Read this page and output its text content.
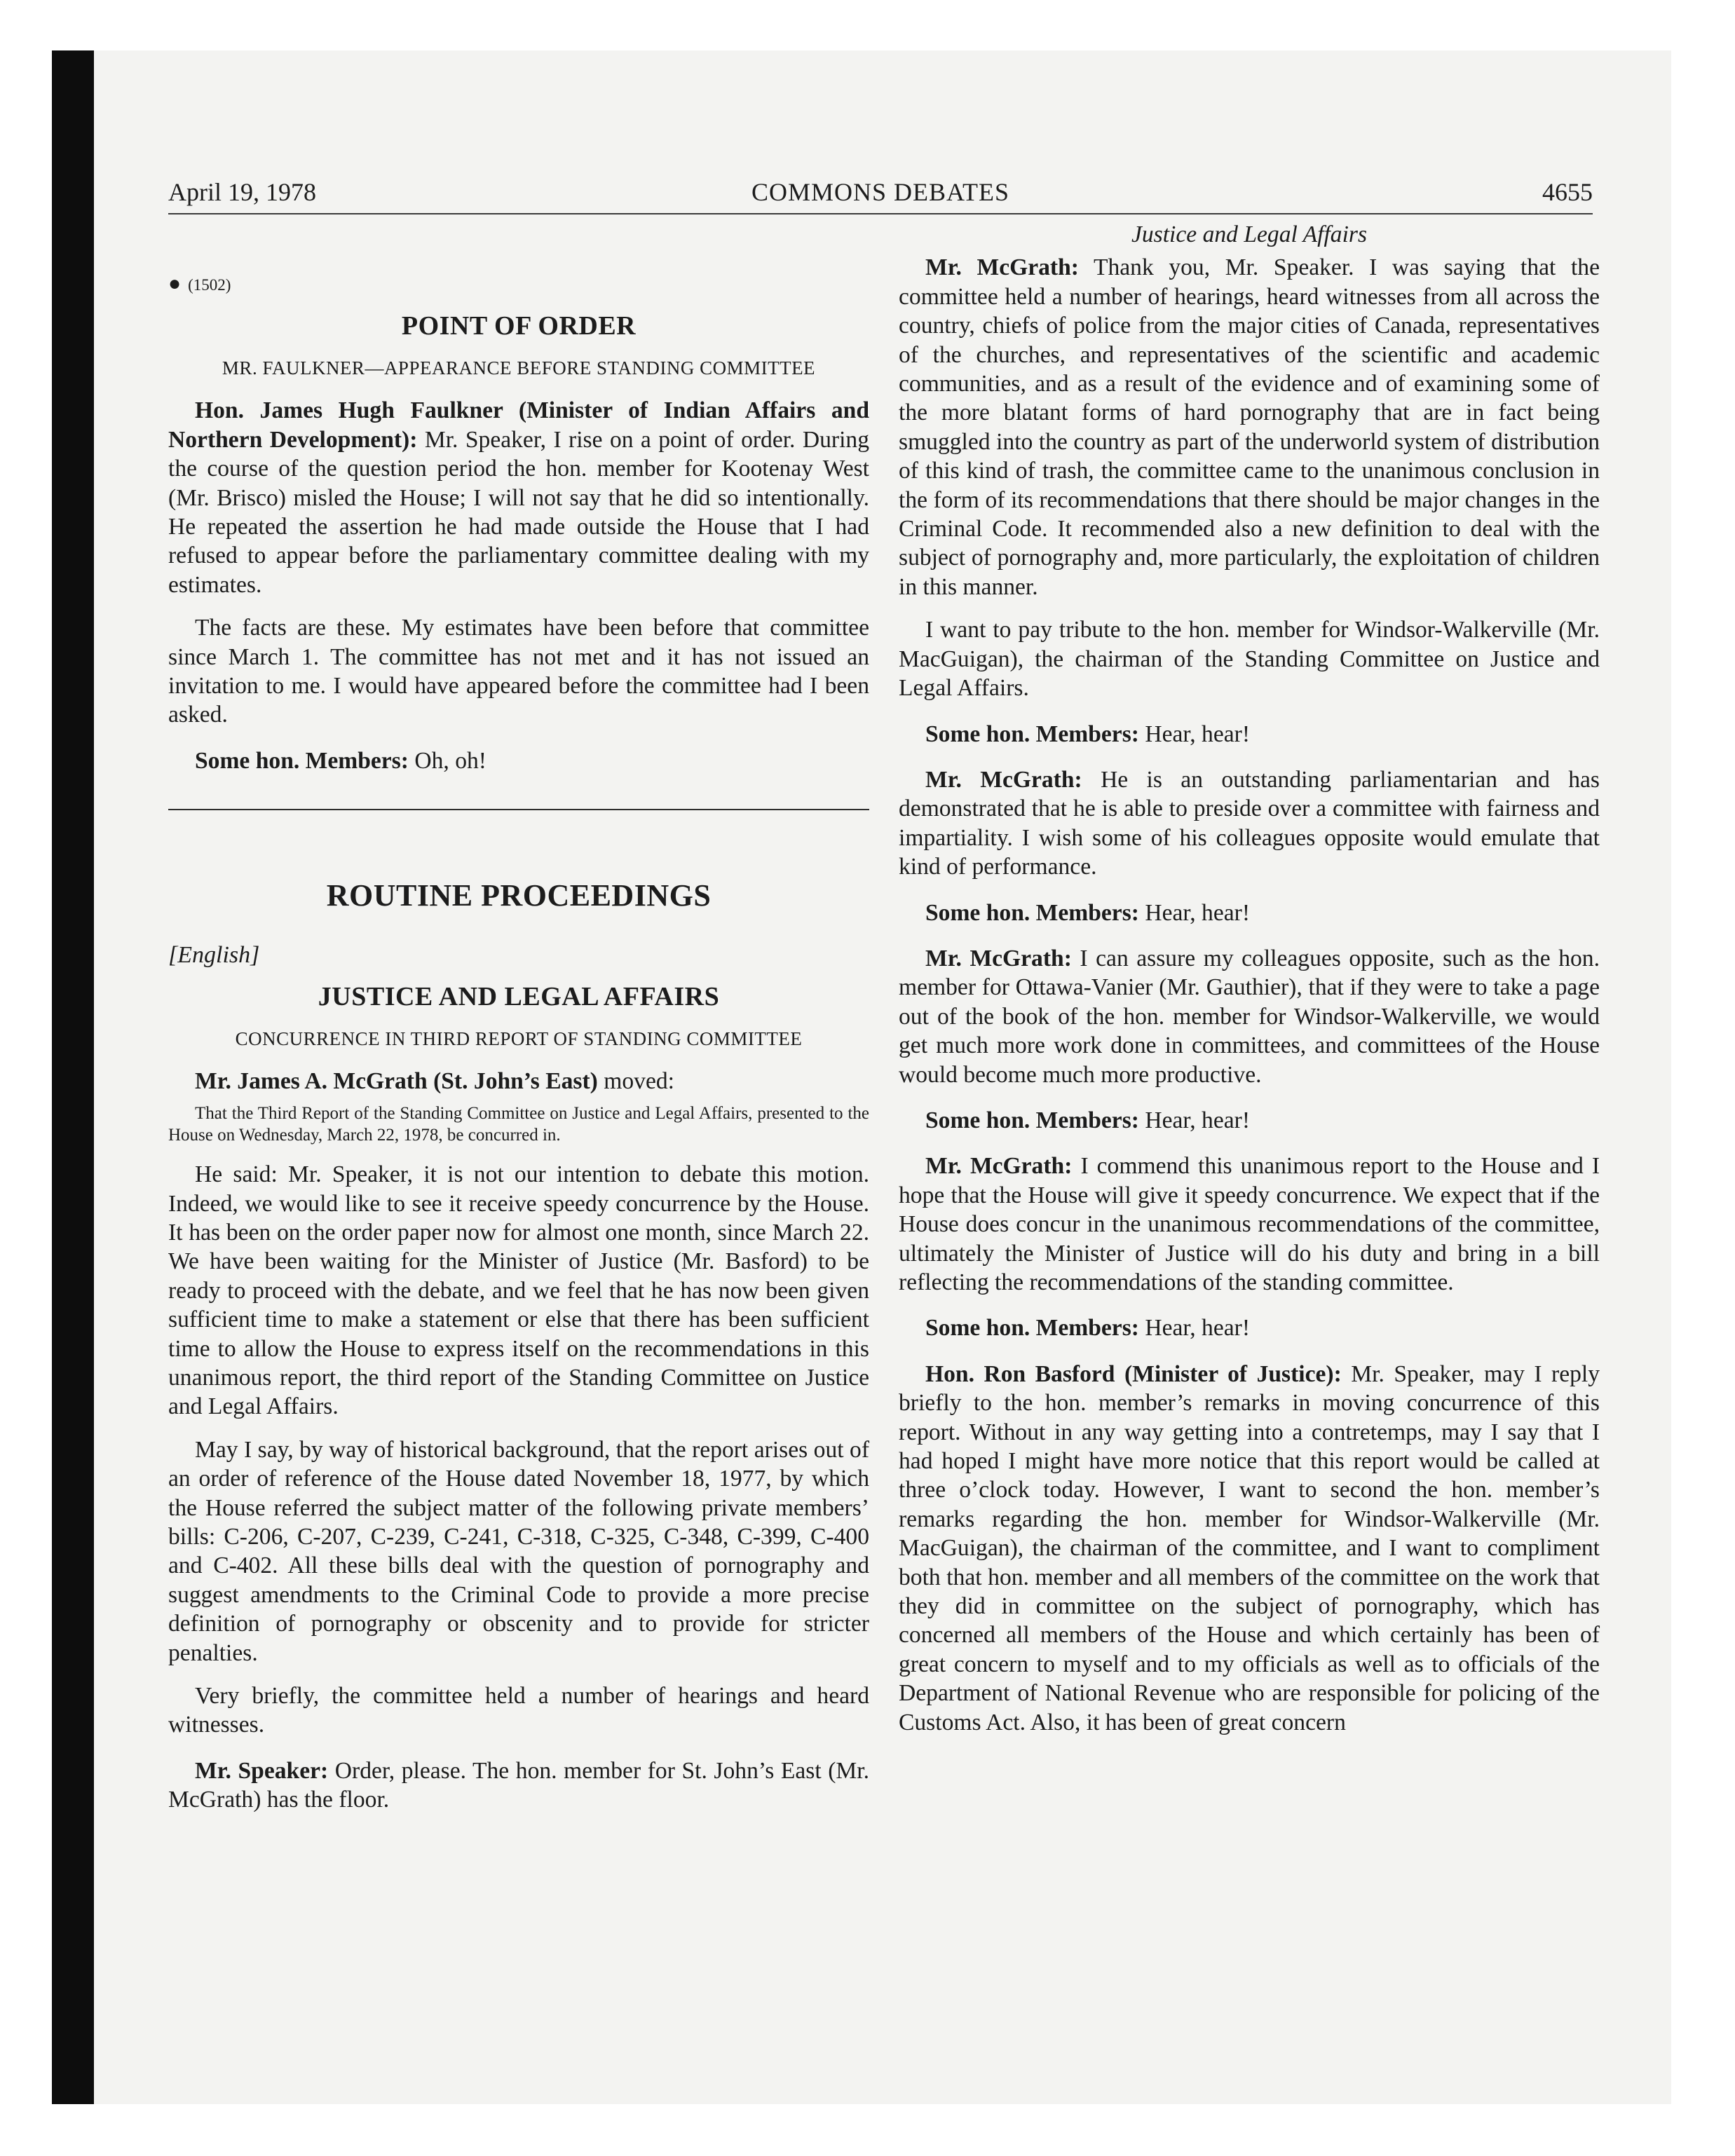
April 19, 1978	COMMONS DEBATES	4655
● (1502)
POINT OF ORDER
MR. FAULKNER—APPEARANCE BEFORE STANDING COMMITTEE

Hon. James Hugh Faulkner (Minister of Indian Affairs and Northern Development): Mr. Speaker, I rise on a point of order. During the course of the question period the hon. member for Kootenay West (Mr. Brisco) misled the House; I will not say that he did so intentionally. He repeated the assertion he had made outside the House that I had refused to appear before the parliamentary committee dealing with my estimates.

The facts are these. My estimates have been before that committee since March 1. The committee has not met and it has not issued an invitation to me. I would have appeared before the committee had I been asked.

Some hon. Members: Oh, oh!

ROUTINE PROCEEDINGS
[English]
JUSTICE AND LEGAL AFFAIRS
CONCURRENCE IN THIRD REPORT OF STANDING COMMITTEE

Mr. James A. McGrath (St. John’s East) moved:

That the Third Report of the Standing Committee on Justice and Legal Affairs, presented to the House on Wednesday, March 22, 1978, be concurred in.

He said: Mr. Speaker, it is not our intention to debate this motion. Indeed, we would like to see it receive speedy concurrence by the House. It has been on the order paper now for almost one month, since March 22. We have been waiting for the Minister of Justice (Mr. Basford) to be ready to proceed with the debate, and we feel that he has now been given sufficient time to make a statement or else that there has been sufficient time to allow the House to express itself on the recommendations in this unanimous report, the third report of the Standing Committee on Justice and Legal Affairs.

May I say, by way of historical background, that the report arises out of an order of reference of the House dated November 18, 1977, by which the House referred the subject matter of the following private members’ bills: C-206, C-207, C-239, C-241, C-318, C-325, C-348, C-399, C-400 and C-402. All these bills deal with the question of pornography and suggest amendments to the Criminal Code to provide a more precise definition of pornography or obscenity and to provide for stricter penalties.

Very briefly, the committee held a number of hearings and heard witnesses.

Mr. Speaker: Order, please. The hon. member for St. John’s East (Mr. McGrath) has the floor.

Justice and Legal Affairs

Mr. McGrath: Thank you, Mr. Speaker. I was saying that the committee held a number of hearings, heard witnesses from all across the country, chiefs of police from the major cities of Canada, representatives of the churches, and representatives of the scientific and academic communities, and as a result of the evidence and of examining some of the more blatant forms of hard pornography that are in fact being smuggled into the country as part of the underworld system of distribution of this kind of trash, the committee came to the unanimous conclusion in the form of its recommendations that there should be major changes in the Criminal Code. It recommended also a new definition to deal with the subject of pornography and, more particularly, the exploitation of children in this manner.

I want to pay tribute to the hon. member for Windsor-Walkerville (Mr. MacGuigan), the chairman of the Standing Committee on Justice and Legal Affairs.

Some hon. Members: Hear, hear!

Mr. McGrath: He is an outstanding parliamentarian and has demonstrated that he is able to preside over a committee with fairness and impartiality. I wish some of his colleagues opposite would emulate that kind of performance.

Some hon. Members: Hear, hear!

Mr. McGrath: I can assure my colleagues opposite, such as the hon. member for Ottawa-Vanier (Mr. Gauthier), that if they were to take a page out of the book of the hon. member for Windsor-Walkerville, we would get much more work done in committees, and committees of the House would become much more productive.

Some hon. Members: Hear, hear!

Mr. McGrath: I commend this unanimous report to the House and I hope that the House will give it speedy concurrence. We expect that if the House does concur in the unanimous recommendations of the committee, ultimately the Minister of Justice will do his duty and bring in a bill reflecting the recommendations of the standing committee.

Some hon. Members: Hear, hear!

Hon. Ron Basford (Minister of Justice): Mr. Speaker, may I reply briefly to the hon. member’s remarks in moving concurrence of this report. Without in any way getting into a contretemps, may I say that I had hoped I might have more notice that this report would be called at three o’clock today. However, I want to second the hon. member’s remarks regarding the hon. member for Windsor-Walkerville (Mr. MacGuigan), the chairman of the committee, and I want to compliment both that hon. member and all members of the committee on the work that they did in committee on the subject of pornography, which has concerned all members of the House and which certainly has been of great concern to myself and to my officials as well as to officials of the Department of National Revenue who are responsible for policing of the Customs Act. Also, it has been of great concern
